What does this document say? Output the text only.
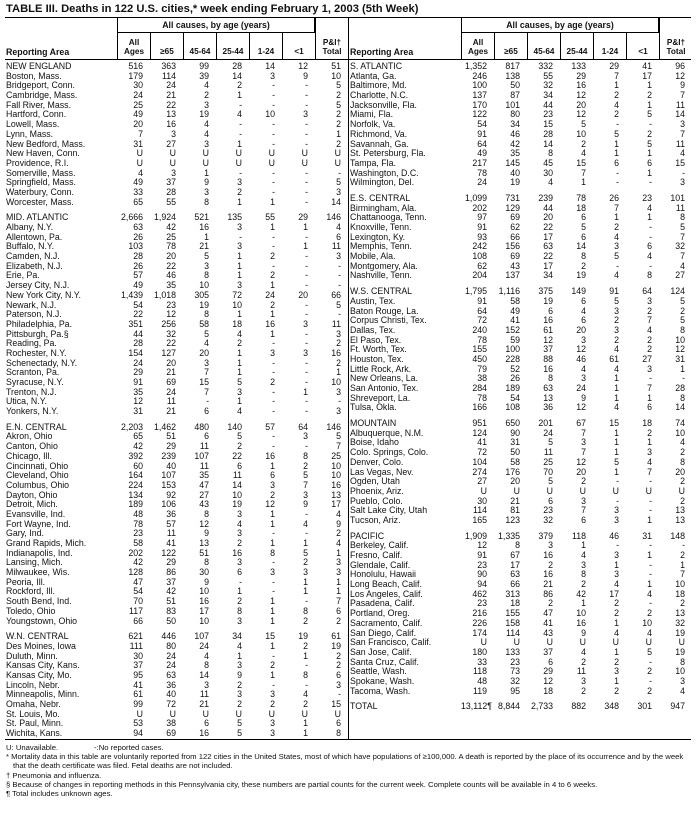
TABLE III. Deaths in 122 U.S. cities,* week ending February 1, 2003 (5th Week)
All causes, by age (years)
Reporting Area
All Ages	≥65	45-64	25-44	1-24	<1
P&I†
Total
NEW ENGLAND	516	363	99	28	14	12	51
Boston, Mass.	179	114	39	14	3	9	10
Bridgeport, Conn.	30	24	4	2	-	-	5
Cambridge, Mass.	24	21	2	1	-	-	2
Fall River, Mass.	25	22	3	-	-	-	5
Hartford, Conn.	49	13	19	4	10	3	2
Lowell, Mass.	20	16	4	-	-	-	2
Lynn, Mass.	7	3	4	-	-	-	1
New Bedford, Mass.	31	27	3	1	-	-	2
New Haven, Conn.	U	U	U	U	U	U	U
Providence, R.I.	U	U	U	U	U	U	U
Somerville, Mass.	4	3	1	-	-	-	-
Springfield, Mass.	49	37	9	3	-	-	5
Waterbury, Conn.	33	28	3	2	-	-	3
Worcester, Mass.	65	55	8	1	1	-	14
MID. ATLANTIC	2,666	1,924	521	135	55	29	146
Albany, N.Y.	63	42	16	3	1	1	4
Allentown, Pa.	26	25	1	-	-	-	6
Buffalo, N.Y.	103	78	21	3	-	1	11
Camden, N.J.	28	20	5	1	2	-	3
Elizabeth, N.J.	26	22	3	1	-	-	-
Erie, Pa.	57	46	8	1	2	-	-
Jersey City, N.J.	49	35	10	3	1	-	-
New York City, N.Y.	1,439	1,018	305	72	24	20	66
Newark, N.J.	54	23	19	10	2	-	5
Paterson, N.J.	22	12	8	1	1	-	-
Philadelphia, Pa.	351	256	58	18	16	3	11
Pittsburgh, Pa.§	44	32	5	4	1	-	3
Reading, Pa.	28	22	4	2	-	-	2
Rochester, N.Y.	154	127	20	1	3	3	16
Schenectady, N.Y.	24	20	3	1	-	-	2
Scranton, Pa.	29	21	7	1	-	-	1
Syracuse, N.Y.	91	69	15	5	2	-	10
Trenton, N.J.	35	24	7	3	-	1	3
Utica, N.Y.	12	11	-	1	-	-	-
Yonkers, N.Y.	31	21	6	4	-	-	3
E.N. CENTRAL	2,203	1,462	480	140	57	64	146
Akron, Ohio	65	51	6	5	-	3	5
Canton, Ohio	42	29	11	2	-	-	7
Chicago, Ill.	392	239	107	22	16	8	25
Cincinnati, Ohio	60	40	11	6	1	2	10
Cleveland, Ohio	164	107	35	11	6	5	10
Columbus, Ohio	224	153	47	14	3	7	16
Dayton, Ohio	134	92	27	10	2	3	13
Detroit, Mich.	189	106	43	19	12	9	17
Evansville, Ind.	48	36	8	3	1	-	4
Fort Wayne, Ind.	78	57	12	4	1	4	9
Gary, Ind.	23	11	9	3	-	-	2
Grand Rapids, Mich.	58	41	13	2	1	1	4
Indianapolis, Ind.	202	122	51	16	8	5	1
Lansing, Mich.	42	29	8	3	-	2	3
Milwaukee, Wis.	128	86	30	6	3	3	3
Peoria, Ill.	47	37	9	-	-	1	1
Rockford, Ill.	54	42	10	1	-	1	1
South Bend, Ind.	70	51	16	2	1	-	7
Toledo, Ohio	117	83	17	8	1	8	6
Youngstown, Ohio	66	50	10	3	1	2	2
W.N. CENTRAL	621	446	107	34	15	19	61
Des Moines, Iowa	111	80	24	4	1	2	19
Duluth, Minn.	30	24	4	1	-	1	2
Kansas City, Kans.	37	24	8	3	2	-	2
Kansas City, Mo.	95	63	14	9	1	8	6
Lincoln, Nebr.	41	36	3	2	-	-	3
Minneapolis, Minn.	61	40	11	3	3	4	-
Omaha, Nebr.	99	72	21	2	2	2	15
St. Louis, Mo.	U	U	U	U	U	U	U
St. Paul, Minn.	53	38	6	5	3	1	6
Wichita, Kans.	94	69	16	5	3	1	8
All causes, by age (years)
Reporting Area
All Ages	≥65	45-64	25-44	1-24	<1
P&I†
Total
S. ATLANTIC	1,352	817	332	133	29	41	96
Atlanta, Ga.	246	138	55	29	7	17	12
Baltimore, Md.	100	50	32	16	1	1	9
Charlotte, N.C.	137	87	34	12	2	2	7
Jacksonville, Fla.	170	101	44	20	4	1	11
Miami, Fla.	122	80	23	12	2	5	14
Norfolk, Va.	54	34	15	5	-	-	3
Richmond, Va.	91	46	28	10	5	2	7
Savannah, Ga.	64	42	14	2	1	5	11
St. Petersburg, Fla.	49	35	8	4	1	1	4
Tampa, Fla.	217	145	45	15	6	6	15
Washington, D.C.	78	40	30	7	-	1	-
Wilmington, Del.	24	19	4	1	-	-	3
E.S. CENTRAL	1,099	731	239	78	26	23	101
Birmingham, Ala.	202	129	44	18	7	4	11
Chattanooga, Tenn.	97	69	20	6	1	1	8
Knoxville, Tenn.	91	62	22	5	2	-	5
Lexington, Ky.	93	66	17	6	4	-	7
Memphis, Tenn.	242	156	63	14	3	6	32
Mobile, Ala.	108	69	22	8	5	4	7
Montgomery, Ala.	62	43	17	2	-	-	4
Nashville, Tenn.	204	137	34	19	4	8	27
W.S. CENTRAL	1,795	1,116	375	149	91	64	124
Austin, Tex.	91	58	19	6	5	3	5
Baton Rouge, La.	64	49	6	4	3	2	2
Corpus Christi, Tex.	72	41	16	6	2	7	5
Dallas, Tex.	240	152	61	20	3	4	8
El Paso, Tex.	78	59	12	3	2	2	10
Ft. Worth, Tex.	155	100	37	12	4	2	12
Houston, Tex.	450	228	88	46	61	27	31
Little Rock, Ark.	79	52	16	4	4	3	1
New Orleans, La.	38	26	8	3	1	-	-
San Antonio, Tex.	284	189	63	24	1	7	28
Shreveport, La.	78	54	13	9	1	1	8
Tulsa, Okla.	166	108	36	12	4	6	14
MOUNTAIN	951	650	201	67	15	18	74
Albuquerque, N.M.	124	90	24	7	1	2	10
Boise, Idaho	41	31	5	3	1	1	4
Colo. Springs, Colo.	72	50	11	7	1	3	2
Denver, Colo.	104	58	25	12	5	4	8
Las Vegas, Nev.	274	176	70	20	1	7	20
Ogden, Utah	27	20	5	2	-	-	2
Phoenix, Ariz.	U	U	U	U	U	U	U
Pueblo, Colo.	30	21	6	3	-	-	2
Salt Lake City, Utah	114	81	23	7	3	-	13
Tucson, Ariz.	165	123	32	6	3	1	13
PACIFIC	1,909	1,335	379	118	46	31	148
Berkeley, Calif.	12	8	3	1	-	-	-
Fresno, Calif.	91	67	16	4	3	1	2
Glendale, Calif.	23	17	2	3	1	-	1
Honolulu, Hawaii	90	63	16	8	3	-	7
Long Beach, Calif.	94	66	21	2	4	1	10
Los Angeles, Calif.	462	313	86	42	17	4	18
Pasadena, Calif.	23	18	2	1	2	-	2
Portland, Oreg.	216	155	47	10	2	2	13
Sacramento, Calif.	226	158	41	16	1	10	32
San Diego, Calif.	174	114	43	9	4	4	19
San Francisco, Calif.	U	U	U	U	U	U	U
San Jose, Calif.	180	133	37	4	1	5	19
Santa Cruz, Calif.	33	23	6	2	2	-	8
Seattle, Wash.	118	73	29	11	3	2	10
Spokane, Wash.	48	32	12	3	1	-	3
Tacoma, Wash.	119	95	18	2	2	2	4
TOTAL	13,112¶ 8,844	2,733	882	348	301	947
U: Unavailable.	-:No reported cases.
* Mortality data in this table are voluntarily reported from 122 cities in the United States, most of which have populations of ≥100,000. A death is reported by the place of its occurrence and by the week that the death certificate was filed. Fetal deaths are not included.
† Pneumonia and influenza.
§ Because of changes in reporting methods in this Pennsylvania city, these numbers are partial counts for the current week. Complete counts will be available in 4 to 6 weeks.
¶ Total includes unknown ages.
